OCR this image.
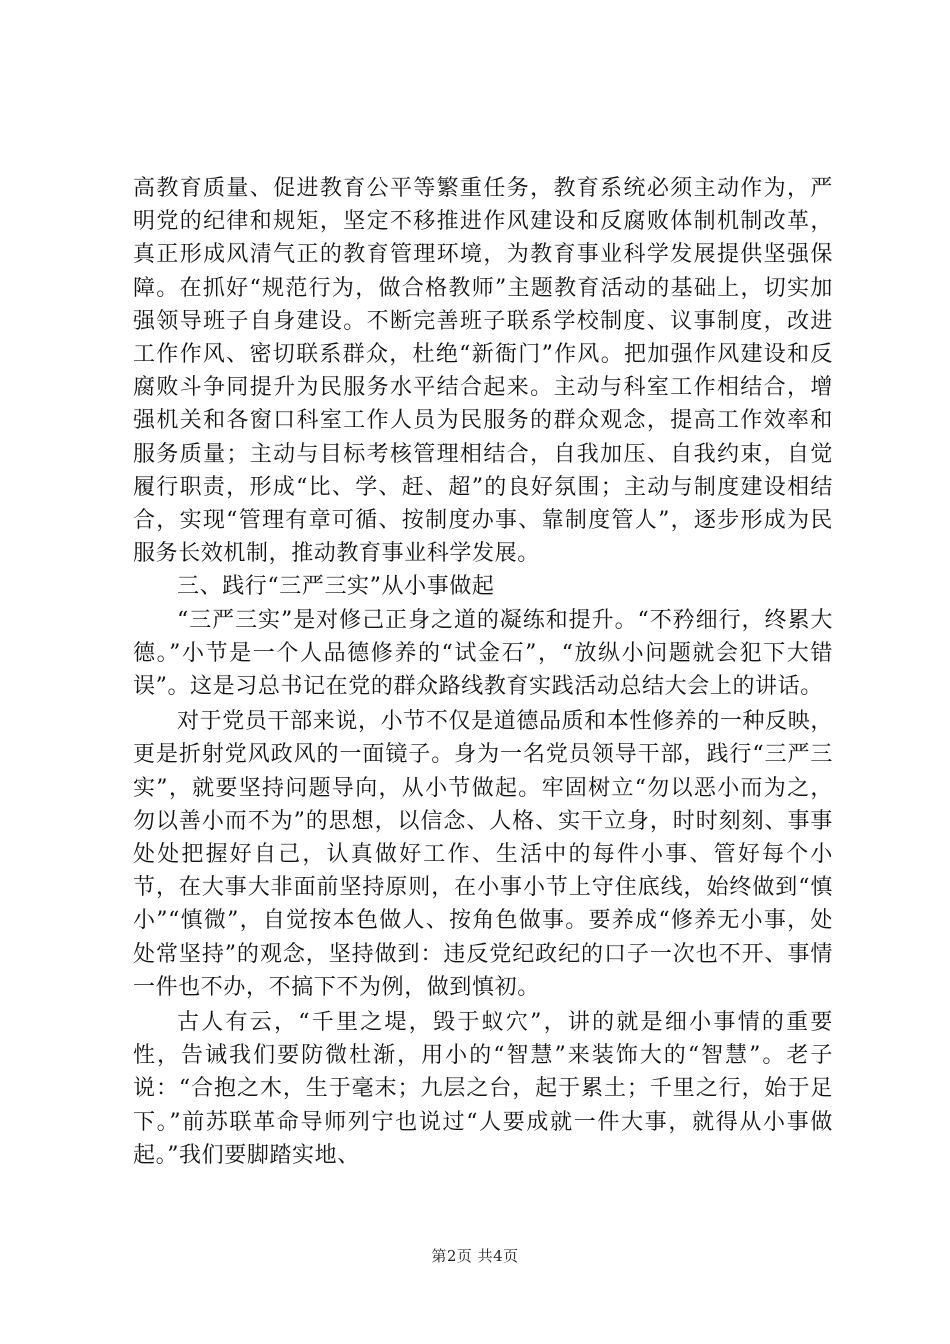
高教育质量、促进教育公平等繁重任务，教育系统必须主动作为，严明党的纪律和规矩，坚定不移推进作风建设和反腐败体制机制改革，真正形成风清气正的教育管理环境，为教育事业科学发展提供坚强保障。在抓好“规范行为，做合格教师”主题教育活动的基础上，切实加强领导班子自身建设。不断完善班子联系学校制度、议事制度，改进工作作风、密切联系群众，杜绝“新衙门”作风。把加强作风建设和反腐败斗争同提升为民服务水平结合起来。主动与科室工作相结合，增强机关和各窗口科室工作人员为民服务的群众观念，提高工作效率和服务质量；主动与目标考核管理相结合，自我加压、自我约束，自觉履行职责，形成“比、学、赶、超”的良好氛围；主动与制度建设相结合，实现“管理有章可循、按制度办事、靠制度管人”，逐步形成为民服务长效机制，推动教育事业科学发展。

三、践行“三严三实”从小事做起

“三严三实”是对修己正身之道的凝练和提升。“不矜细行，终累大德。”小节是一个人品德修养的“试金石”，“放纵小问题就会犯下大错误”。这是习总书记在党的群众路线教育实践活动总结大会上的讲话。

对于党员干部来说，小节不仅是道德品质和本性修养的一种反映，更是折射党风政风的一面镜子。身为一名党员领导干部，践行“三严三实”，就要坚持问题导向，从小节做起。牢固树立“勿以恶小而为之，勿以善小而不为”的思想，以信念、人格、实干立身，时时刻刻、事事处处把握好自己，认真做好工作、生活中的每件小事、管好每个小节，在大事大非面前坚持原则，在小事小节上守住底线，始终做到“慎小”“慎微”，自觉按本色做人、按角色做事。要养成“修养无小事，处处常坚持”的观念，坚持做到：违反党纪政纪的口子一次也不开、事情一件也不办，不搞下不为例，做到慎初。

古人有云，“千里之堤，毁于蚁穴”，讲的就是细小事情的重要性，告诫我们要防微杜渐，用小的“智慧”来装饰大的“智慧”。老子说：“合抱之木，生于毫末；九层之台，起于累土；千里之行，始于足下。”前苏联革命导师列宁也说过“人要成就一件大事，就得从小事做起。”我们要脚踏实地、

第2页 共4页
